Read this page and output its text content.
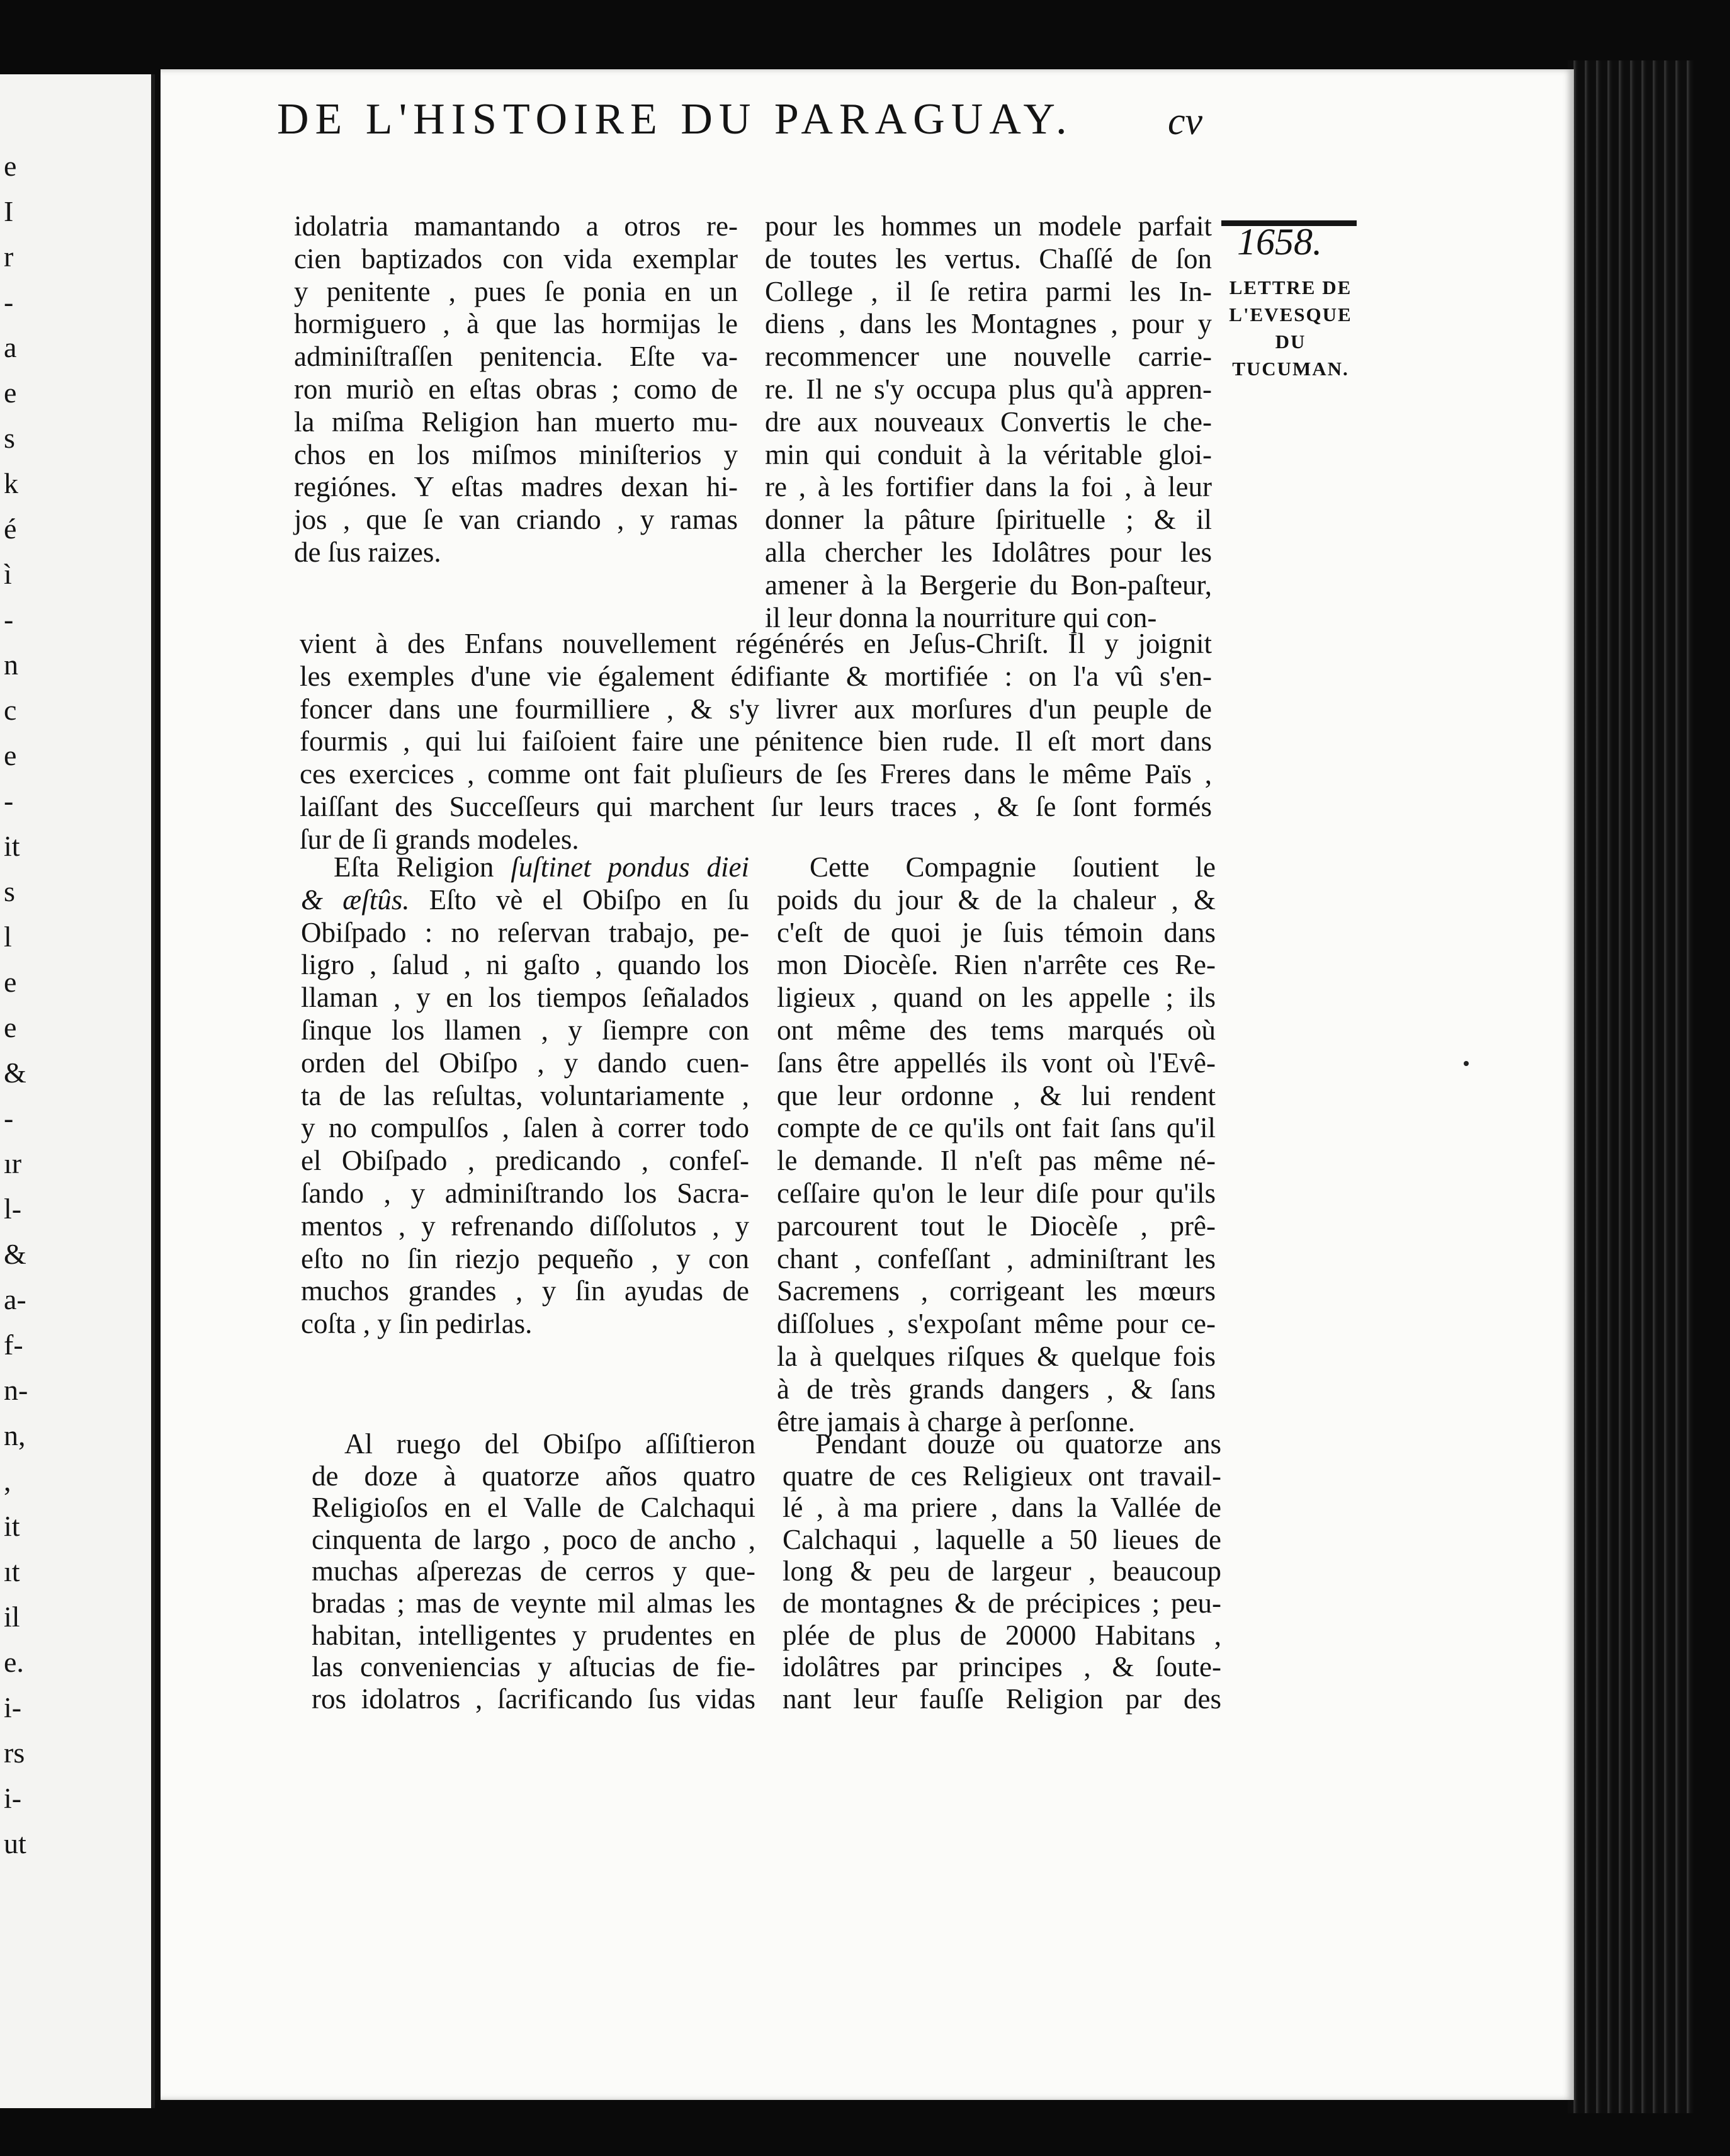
e
I
r
-
a
e
s
k
é
ì
-
n
c
e
-
it
s
l
e
e
&
-
ır
l-
&
a-
f-
n-
n,
,
it
ıt
il
e.
i-
rs
i-
ut
DE L'HISTOIRE DU PARAGUAY.	cv
1658.
LETTRE DE
L'EVESQUE DU
TUCUMAN.
idolatria mamantando a otros re-
cien baptizados con vida exemplar
y penitente , pues ſe ponia en un
hormiguero , à que las hormijas le
adminiſtraſſen penitencia. Eſte va-
ron muriò en eſtas obras ; como de
la miſma Religion han muerto mu-
chos en los miſmos miniſterios y
regiónes. Y eſtas madres dexan hi-
jos , que ſe van criando , y ramas
de ſus raizes.
pour les hommes un modele parfait
de toutes les vertus. Chaſſé de ſon
College , il ſe retira parmi les In-
diens , dans les Montagnes , pour y
recommencer une nouvelle carrie-
re. Il ne s'y occupa plus qu'à appren-
dre aux nouveaux Convertis le che-
min qui conduit à la véritable gloi-
re , à les fortifier dans la foi , à leur
donner la pâture ſpirituelle ; & il
alla chercher les Idolâtres pour les
amener à la Bergerie du Bon-paſteur,
il leur donna la nourriture qui con-
vient à des Enfans nouvellement régénérés en Jeſus-Chriſt. Il y joignit
les exemples d'une vie également édifiante & mortifiée : on l'a vû s'en-
foncer dans une fourmilliere , & s'y livrer aux morſures d'un peuple de
fourmis , qui lui faiſoient faire une pénitence bien rude. Il eſt mort dans
ces exercices , comme ont fait pluſieurs de ſes Freres dans le même Païs ,
laiſſant des Succeſſeurs qui marchent ſur leurs traces , & ſe ſont formés
ſur de ſi grands modeles.
Eſta Religion ſuſtinet pondus diei
& æſtûs. Eſto vè el Obiſpo en ſu
Obiſpado : no reſervan trabajo, pe-
ligro , ſalud , ni gaſto , quando los
llaman , y en los tiempos ſeñalados
ſinque los llamen , y ſiempre con
orden del Obiſpo , y dando cuen-
ta de las reſultas, voluntariamente ,
y no compulſos , ſalen à correr todo
el Obiſpado , predicando , confeſ-
ſando , y adminiſtrando los Sacra-
mentos , y refrenando diſſolutos , y
eſto no ſin riezjo pequeño , y con
muchos grandes , y ſin ayudas de
coſta , y ſin pedirlas.
Cette Compagnie ſoutient le
poids du jour & de la chaleur , &
c'eſt de quoi je ſuis témoin dans
mon Diocèſe. Rien n'arrête ces Re-
ligieux , quand on les appelle ; ils
ont même des tems marqués où
ſans être appellés ils vont où l'Evê-
que leur ordonne , & lui rendent
compte de ce qu'ils ont fait ſans qu'il
le demande. Il n'eſt pas même né-
ceſſaire qu'on le leur diſe pour qu'ils
parcourent tout le Diocèſe , prê-
chant , confeſſant , adminiſtrant les
Sacremens , corrigeant les mœurs
diſſolues , s'expoſant même pour ce-
la à quelques riſques & quelque fois
à de très grands dangers , & ſans
être jamais à charge à perſonne.
Al ruego del Obiſpo aſſiſtieron
de doze à quatorze años quatro
Religioſos en el Valle de Calchaqui
cinquenta de largo , poco de ancho ,
muchas aſperezas de cerros y que-
bradas ; mas de veynte mil almas les
habitan, intelligentes y prudentes en
las conveniencias y aſtucias de fie-
ros idolatros , ſacrificando ſus vidas
Pendant douze ou quatorze ans
quatre de ces Religieux ont travail-
lé , à ma priere , dans la Vallée de
Calchaqui , laquelle a 50 lieues de
long & peu de largeur , beaucoup
de montagnes & de précipices ; peu-
plée de plus de 20000 Habitans ,
idolâtres par principes , & ſoute-
nant leur fauſſe Religion par des
